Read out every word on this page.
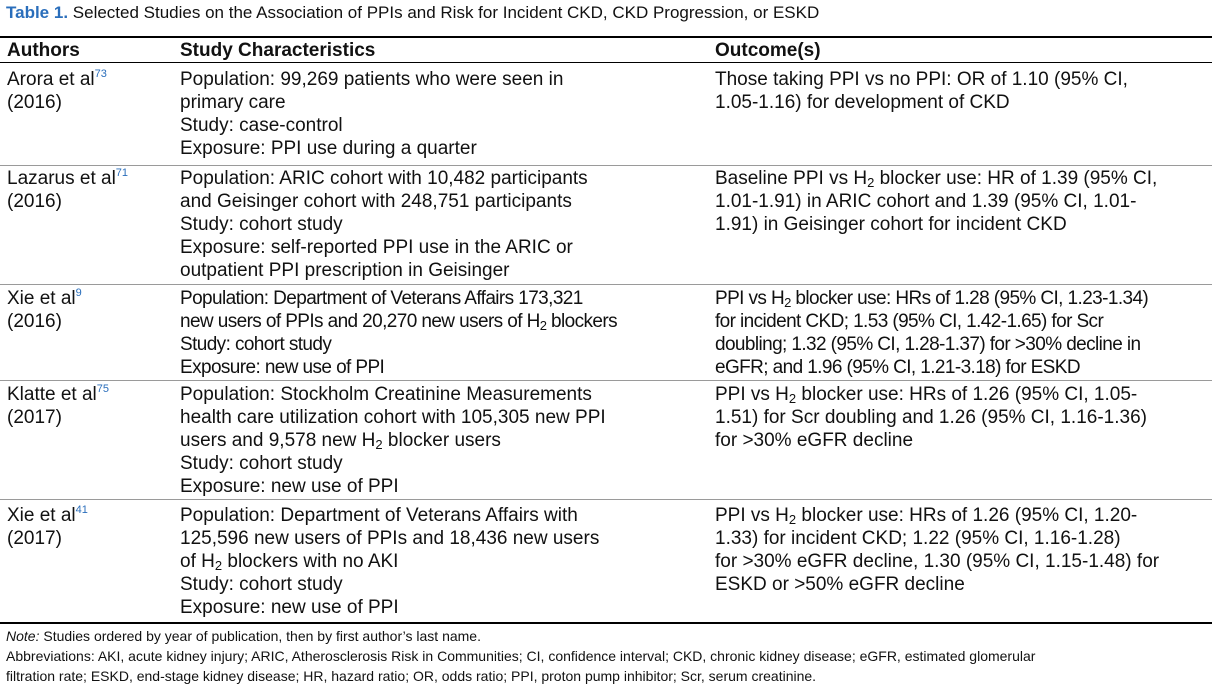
Table 1. Selected Studies on the Association of PPIs and Risk for Incident CKD, CKD Progression, or ESKD
Authors	Study Characteristics	Outcome(s)
Arora et $al^{73}$
(2016)
Population: 99,269 patients who were seen in
primary care
Study: case-control
Exposure: PPI use during a quarter
Those taking PPI vs no PPI: OR of 1.10 (95% CI,
1.05-1.16) for development of CKD
Lazarus et $al^{71}$
(2016)
Population: ARIC cohort with 10,482 participants
and Geisinger cohort with 248,751 participants
Study: cohort study
Exposure: self-reported PPI use in the ARIC or
outpatient PPI prescription in Geisinger
Baseline PPI vs $H_2$ blocker use: HR of 1.39 (95% CI,
1.01-1.91) in ARIC cohort and 1.39 (95% CI, 1.01-
1.91) in Geisinger cohort for incident CKD
Xie et $al^9$
(2016)
Population: Department of Veterans Affairs 173,321
new users of PPIs and 20,270 new users of $H_2$ blockers
Study: cohort study
Exposure: new use of PPI
PPI vs $H_2$ blocker use: HRs of 1.28 (95% CI, 1.23-1.34)
for incident CKD; 1.53 (95% CI, 1.42-1.65) for Scr
doubling; 1.32 (95% CI, 1.28-1.37) for >30% decline in
eGFR; and 1.96 (95% CI, 1.21-3.18) for ESKD
Klatte et $al^{75}$
(2017)
Population: Stockholm Creatinine Measurements
health care utilization cohort with 105,305 new PPI
users and 9,578 new $H_2$ blocker users
Study: cohort study
Exposure: new use of PPI
PPI vs $H_2$ blocker use: HRs of 1.26 (95% CI, 1.05-
1.51) for Scr doubling and 1.26 (95% CI, 1.16-1.36)
for >30% eGFR decline
Xie et $al^{41}$
(2017)
Population: Department of Veterans Affairs with
125,596 new users of PPIs and 18,436 new users
of $H_2$ blockers with no AKI
Study: cohort study
Exposure: new use of PPI
PPI vs $H_2$ blocker use: HRs of 1.26 (95% CI, 1.20-
1.33) for incident CKD; 1.22 (95% CI, 1.16-1.28)
for >30% eGFR decline, 1.30 (95% CI, 1.15-1.48) for
ESKD or >50% eGFR decline
Note: Studies ordered by year of publication, then by first author’s last name.
Abbreviations: AKI, acute kidney injury; ARIC, Atherosclerosis Risk in Communities; CI, confidence interval; CKD, chronic kidney disease; eGFR, estimated glomerular
filtration rate; ESKD, end-stage kidney disease; HR, hazard ratio; OR, odds ratio; PPI, proton pump inhibitor; Scr, serum creatinine.
